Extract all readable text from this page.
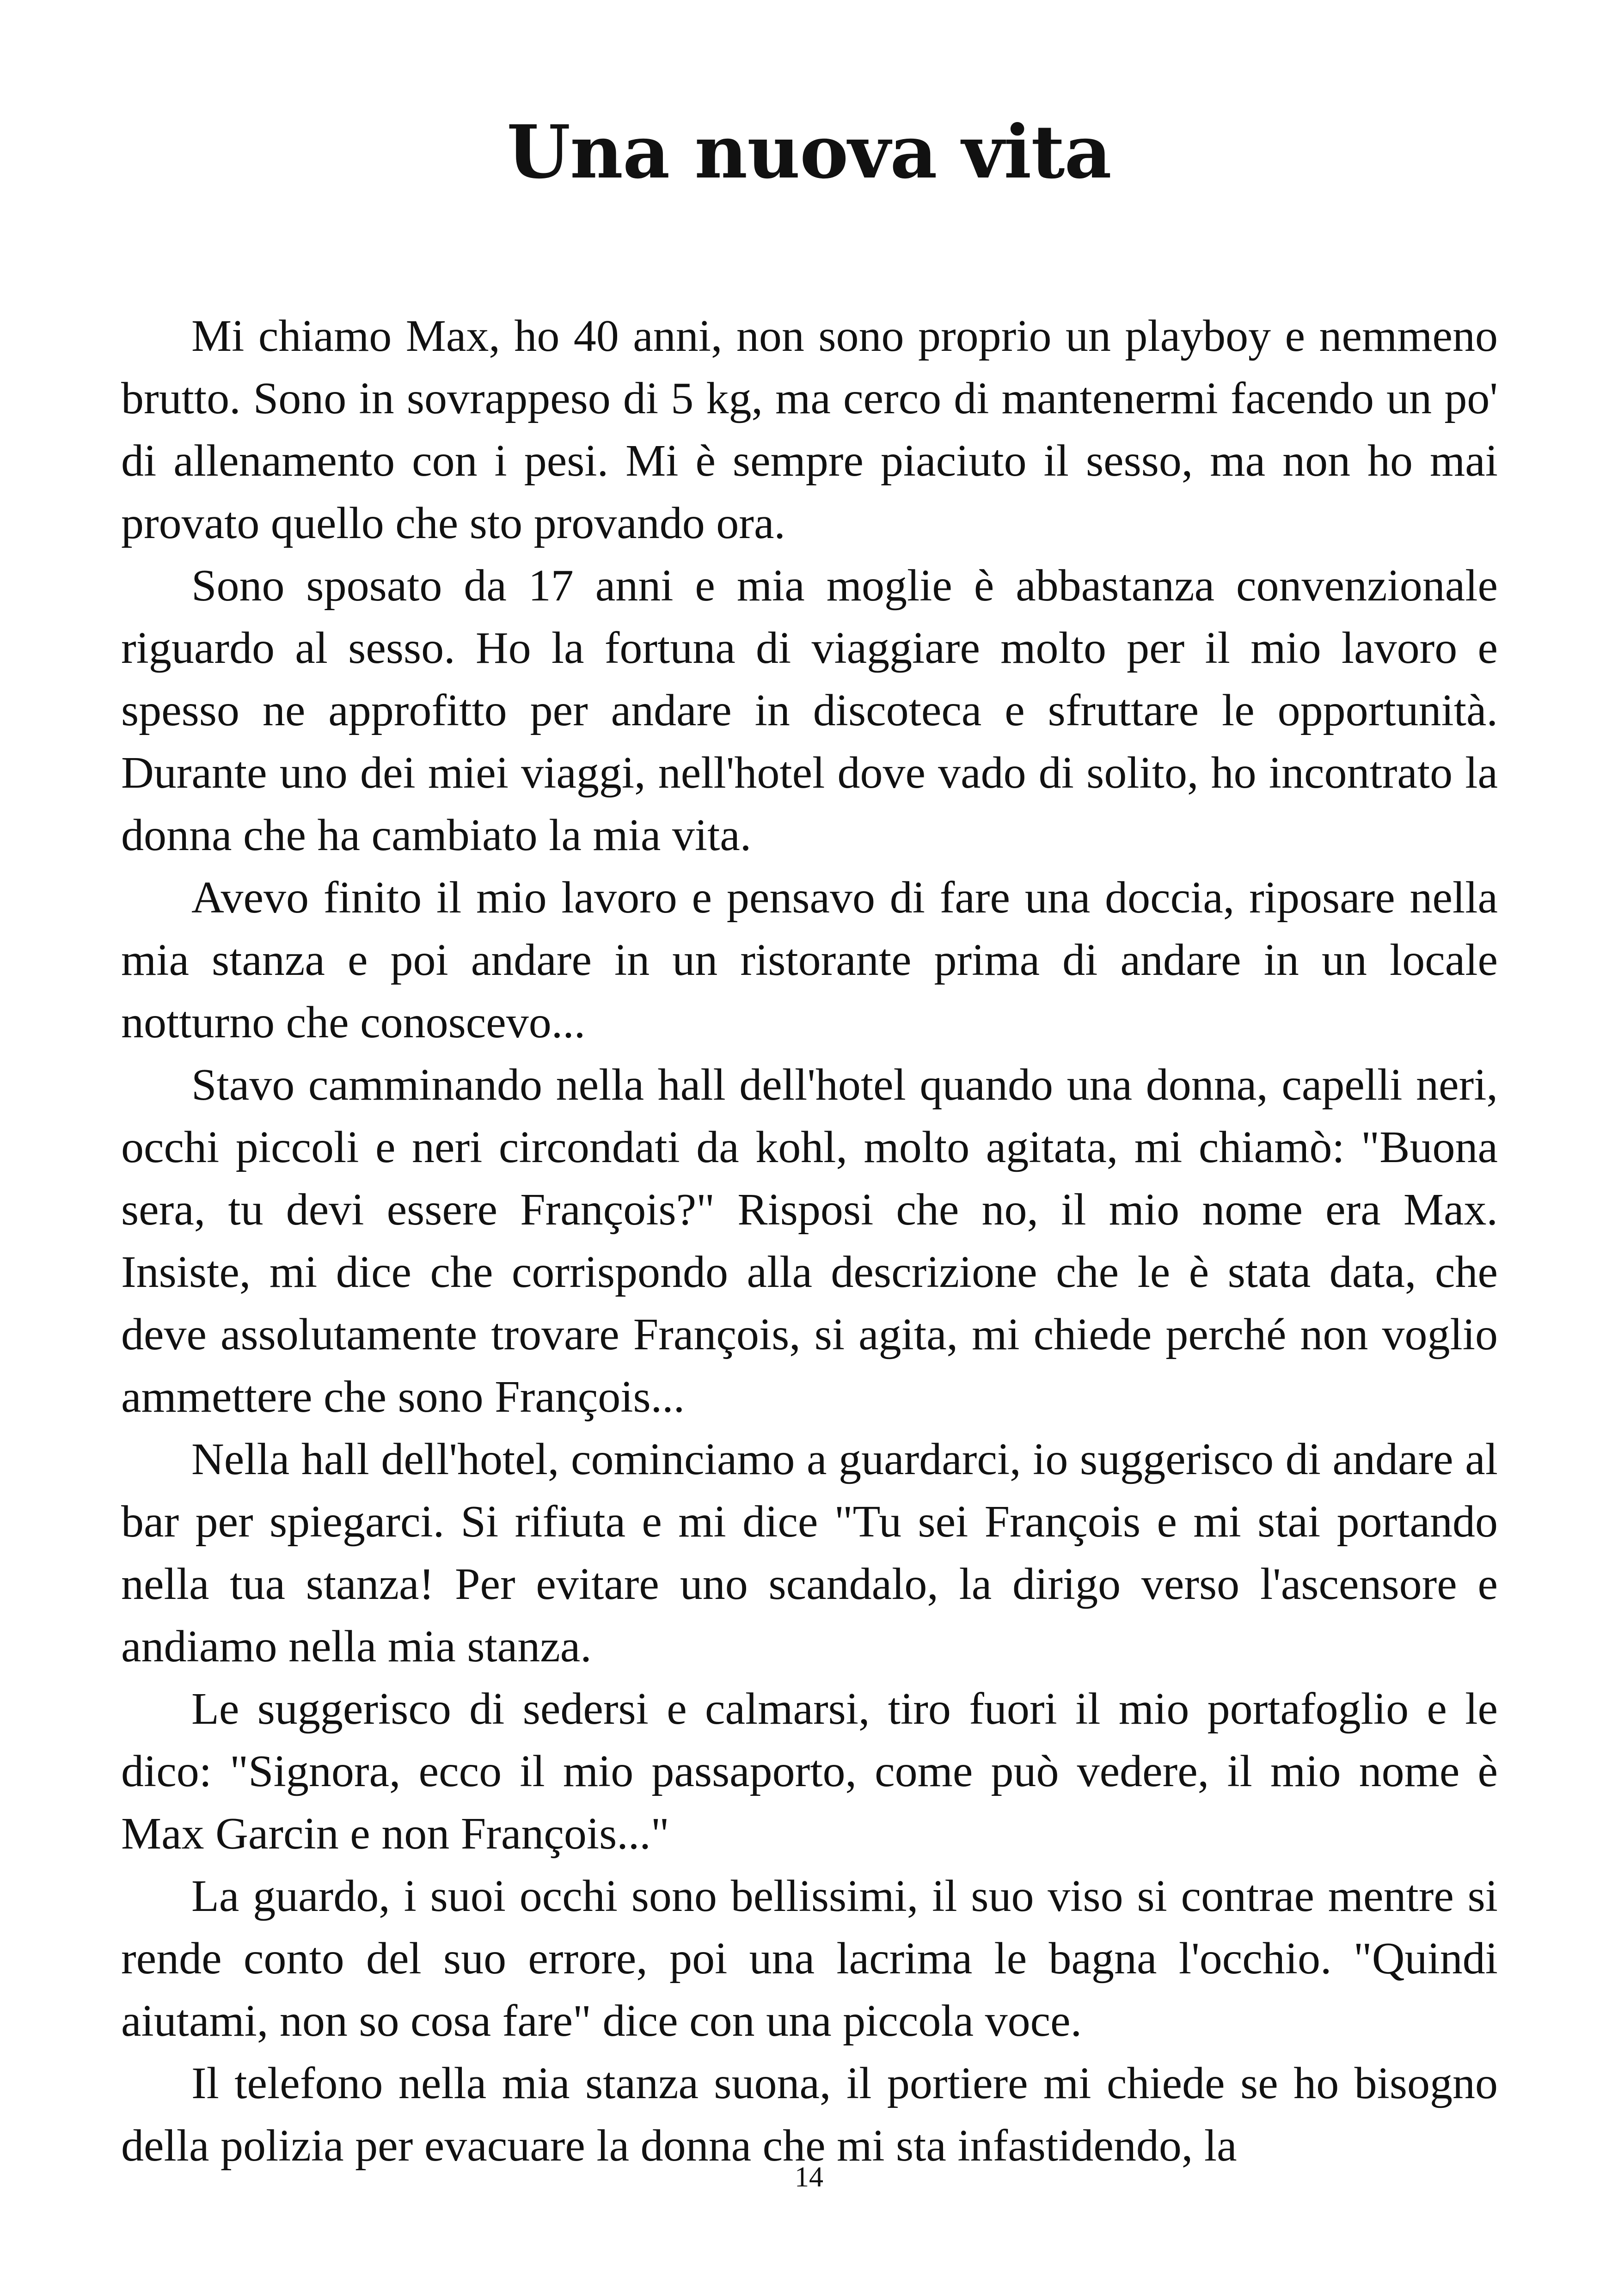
Una nuova vita

Mi chiamo Max, ho 40 anni, non sono proprio un playboy e nemmeno brutto. Sono in sovrappeso di 5 kg, ma cerco di mantenermi facendo un po' di allenamento con i pesi. Mi è sempre piaciuto il sesso, ma non ho mai provato quello che sto provando ora.

Sono sposato da 17 anni e mia moglie è abbastanza convenzionale riguardo al sesso. Ho la fortuna di viaggiare molto per il mio lavoro e spesso ne approfitto per andare in discoteca e sfruttare le opportunità. Durante uno dei miei viaggi, nell'hotel dove vado di solito, ho incontrato la donna che ha cambiato la mia vita.

Avevo finito il mio lavoro e pensavo di fare una doccia, riposare nella mia stanza e poi andare in un ristorante prima di andare in un locale notturno che conoscevo...

Stavo camminando nella hall dell'hotel quando una donna, capelli neri, occhi piccoli e neri circondati da kohl, molto agitata, mi chiamò: "Buona sera, tu devi essere François?" Risposi che no, il mio nome era Max. Insiste, mi dice che corrispondo alla descrizione che le è stata data, che deve assolutamente trovare François, si agita, mi chiede perché non voglio ammettere che sono François...

Nella hall dell'hotel, cominciamo a guardarci, io suggerisco di andare al bar per spiegarci. Si rifiuta e mi dice "Tu sei François e mi stai portando nella tua stanza! Per evitare uno scandalo, la dirigo verso l'ascensore e andiamo nella mia stanza.

Le suggerisco di sedersi e calmarsi, tiro fuori il mio portafoglio e le dico: "Signora, ecco il mio passaporto, come può vedere, il mio nome è Max Garcin e non François..."

La guardo, i suoi occhi sono bellissimi, il suo viso si contrae mentre si rende conto del suo errore, poi una lacrima le bagna l'occhio. "Quindi aiutami, non so cosa fare" dice con una piccola voce.

Il telefono nella mia stanza suona, il portiere mi chiede se ho bisogno della polizia per evacuare la donna che mi sta infastidendo, la

14
